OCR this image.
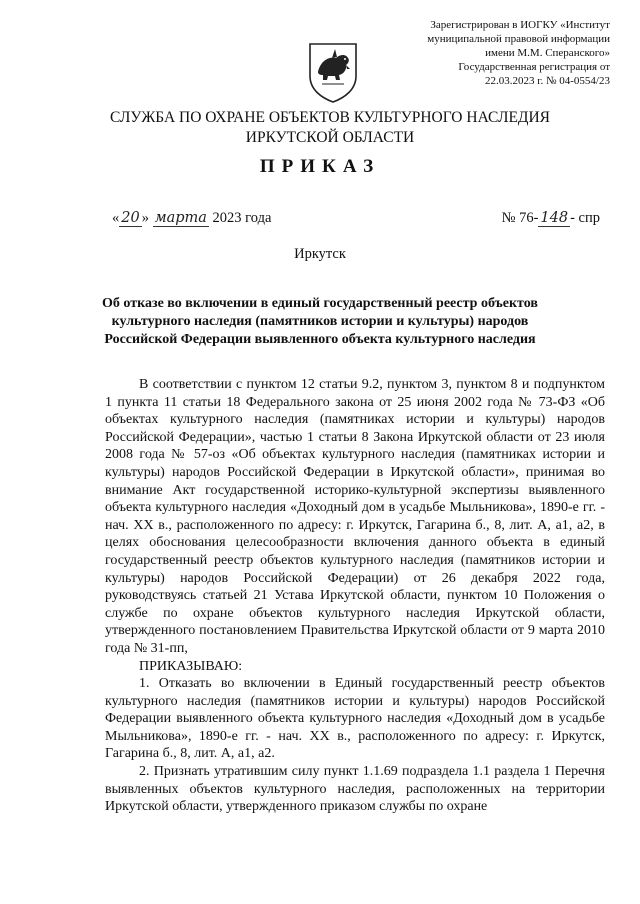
Зарегистрирован в ИОГКУ «Институт
муниципальной правовой информации
имени М.М. Сперанского»
Государственная регистрация от
22.03.2023 г. № 04-0554/23
СЛУЖБА ПО ОХРАНЕ ОБЪЕКТОВ КУЛЬТУРНОГО НАСЛЕДИЯ
ИРКУТСКОЙ ОБЛАСТИ
ПРИКАЗ
« 20 » марта 2023 года	№ 76- 148 - спр
Иркутск
Об отказе во включении в единый государственный реестр объектов
культурного наследия (памятников истории и культуры) народов
Российской Федерации выявленного объекта культурного наследия

В соответствии с пунктом 12 статьи 9.2, пунктом 3, пунктом 8 и подпунктом 1 пункта 11 статьи 18 Федерального закона от 25 июня 2002 года № 73-ФЗ «Об объектах культурного наследия (памятниках истории и культуры) народов Российской Федерации», частью 1 статьи 8 Закона Иркутской области от 23 июля 2008 года № 57-оз «Об объектах культурного наследия (памятниках истории и культуры) народов Российской Федерации в Иркутской области», принимая во внимание Акт государственной историко-культурной экспертизы выявленного объекта культурного наследия «Доходный дом в усадьбе Мыльникова», 1890-е гг. - нач. XX в., расположенного по адресу: г. Иркутск, Гагарина б., 8, лит. А, а1, а2, в целях обоснования целесообразности включения данного объекта в единый государственный реестр объектов культурного наследия (памятников истории и культуры) народов Российской Федерации) от 26 декабря 2022 года, руководствуясь статьей 21 Устава Иркутской области, пунктом 10 Положения о службе по охране объектов культурного наследия Иркутской области, утвержденного постановлением Правительства Иркутской области от 9 марта 2010 года № 31-пп,

ПРИКАЗЫВАЮ:

1. Отказать во включении в Единый государственный реестр объектов культурного наследия (памятников истории и культуры) народов Российской Федерации выявленного объекта культурного наследия «Доходный дом в усадьбе Мыльникова», 1890-е гг. - нач. XX в., расположенного по адресу: г. Иркутск, Гагарина б., 8, лит. А, а1, а2.

2. Признать утратившим силу пункт 1.1.69 подраздела 1.1 раздела 1 Перечня выявленных объектов культурного наследия, расположенных на территории Иркутской области, утвержденного приказом службы по охране
